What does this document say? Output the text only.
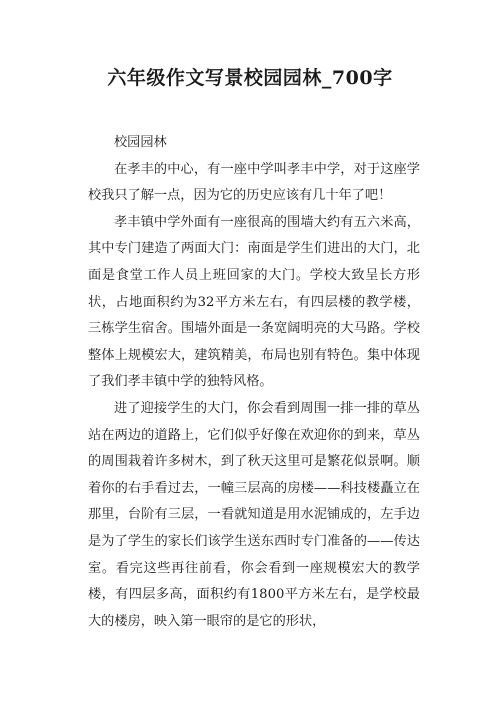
六年级作文写景校园园林_700字

校园园林

在孝丰的中心，有一座中学叫孝丰中学，对于这座学校我只了解一点，因为它的历史应该有几十年了吧！

孝丰镇中学外面有一座很高的围墙大约有五六米高，其中专门建造了两面大门：南面是学生们进出的大门，北面是食堂工作人员上班回家的大门。学校大致呈长方形状，占地面积约为32平方米左右，有四层楼的教学楼，三栋学生宿舍。围墙外面是一条宽阔明亮的大马路。学校整体上规模宏大，建筑精美，布局也别有特色。集中体现了我们孝丰镇中学的独特风格。

进了迎接学生的大门，你会看到周围一排一排的草丛站在两边的道路上，它们似乎好像在欢迎你的到来，草丛的周围栽着许多树木，到了秋天这里可是繁花似景啊。顺着你的右手看过去，一幢三层高的房楼——科技楼矗立在那里，台阶有三层，一看就知道是用水泥铺成的，左手边是为了学生的家长们该学生送东西时专门准备的——传达室。看完这些再往前看，你会看到一座规模宏大的教学楼，有四层多高，面积约有1800平方米左右，是学校最大的楼房，映入第一眼帘的是它的形状，
